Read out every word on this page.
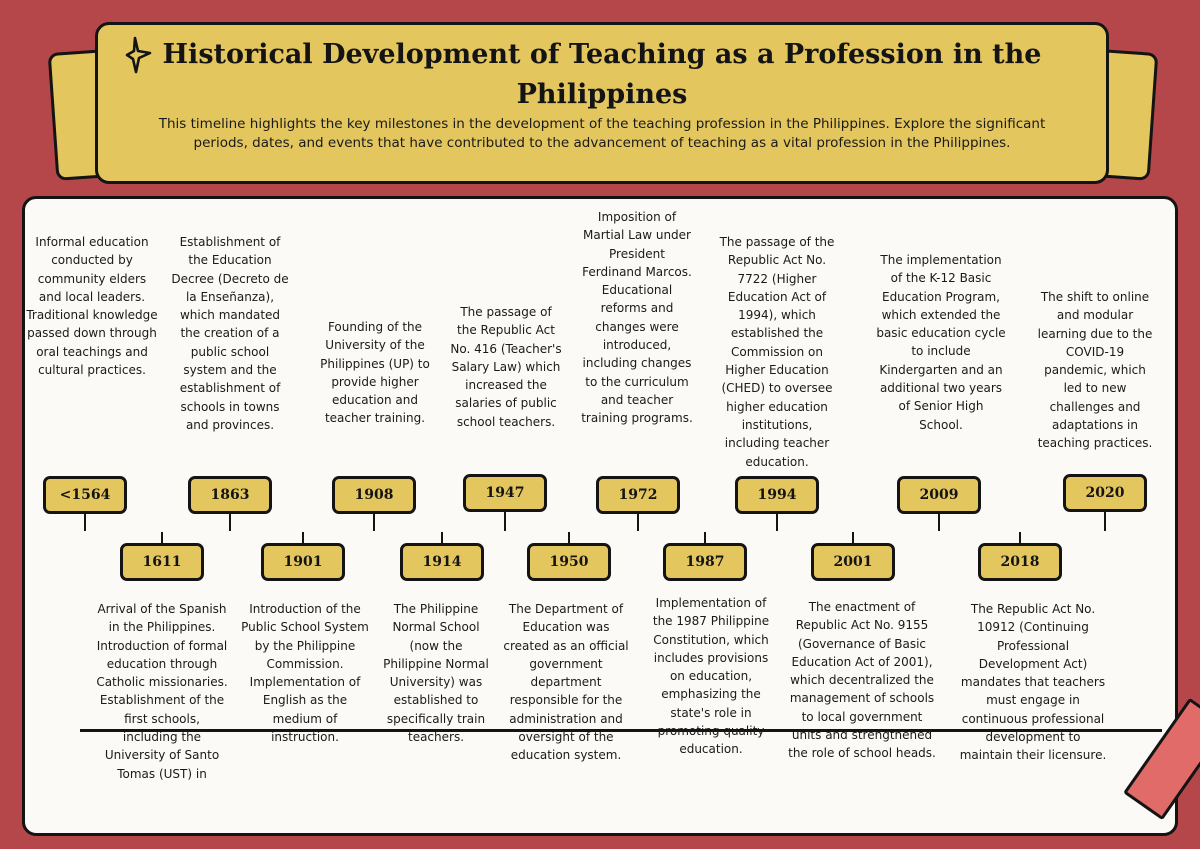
Historical Development of Teaching as a Profession in the Philippines
This timeline highlights the key milestones in the development of the teaching profession in the Philippines. Explore the significant periods, dates, and events that have contributed to the advancement of teaching as a vital profession in the Philippines.
<1564
Informal education conducted by community elders and local leaders. Traditional knowledge passed down through oral teachings and cultural practices.
1611
Arrival of the Spanish in the Philippines. Introduction of formal education through Catholic missionaries. Establishment of the first schools, including the University of Santo Tomas (UST) in
1863
Establishment of the Education Decree (Decreto de la Enseñanza), which mandated the creation of a public school system and the establishment of schools in towns and provinces.
1901
Introduction of the Public School System by the Philippine Commission. Implementation of English as the medium of instruction.
1908
Founding of the University of the Philippines (UP) to provide higher education and teacher training.
1914
The Philippine Normal School (now the Philippine Normal University) was established to specifically train teachers.
1947
The passage of the Republic Act No. 416 (Teacher's Salary Law) which increased the salaries of public school teachers.
1950
The Department of Education was created as an official government department responsible for the administration and oversight of the education system.
1972
Imposition of Martial Law under President Ferdinand Marcos. Educational reforms and changes were introduced, including changes to the curriculum and teacher training programs.
1987
Implementation of the 1987 Philippine Constitution, which includes provisions on education, emphasizing the state's role in promoting quality education.
1994
The passage of the Republic Act No. 7722 (Higher Education Act of 1994), which established the Commission on Higher Education (CHED) to oversee higher education institutions, including teacher education.
2001
The enactment of Republic Act No. 9155 (Governance of Basic Education Act of 2001), which decentralized the management of schools to local government units and strengthened the role of school heads.
2009
The implementation of the K-12 Basic Education Program, which extended the basic education cycle to include Kindergarten and an additional two years of Senior High School.
2018
The Republic Act No. 10912 (Continuing Professional Development Act) mandates that teachers must engage in continuous professional development to maintain their licensure.
2020
The shift to online and modular learning due to the COVID-19 pandemic, which led to new challenges and adaptations in teaching practices.
